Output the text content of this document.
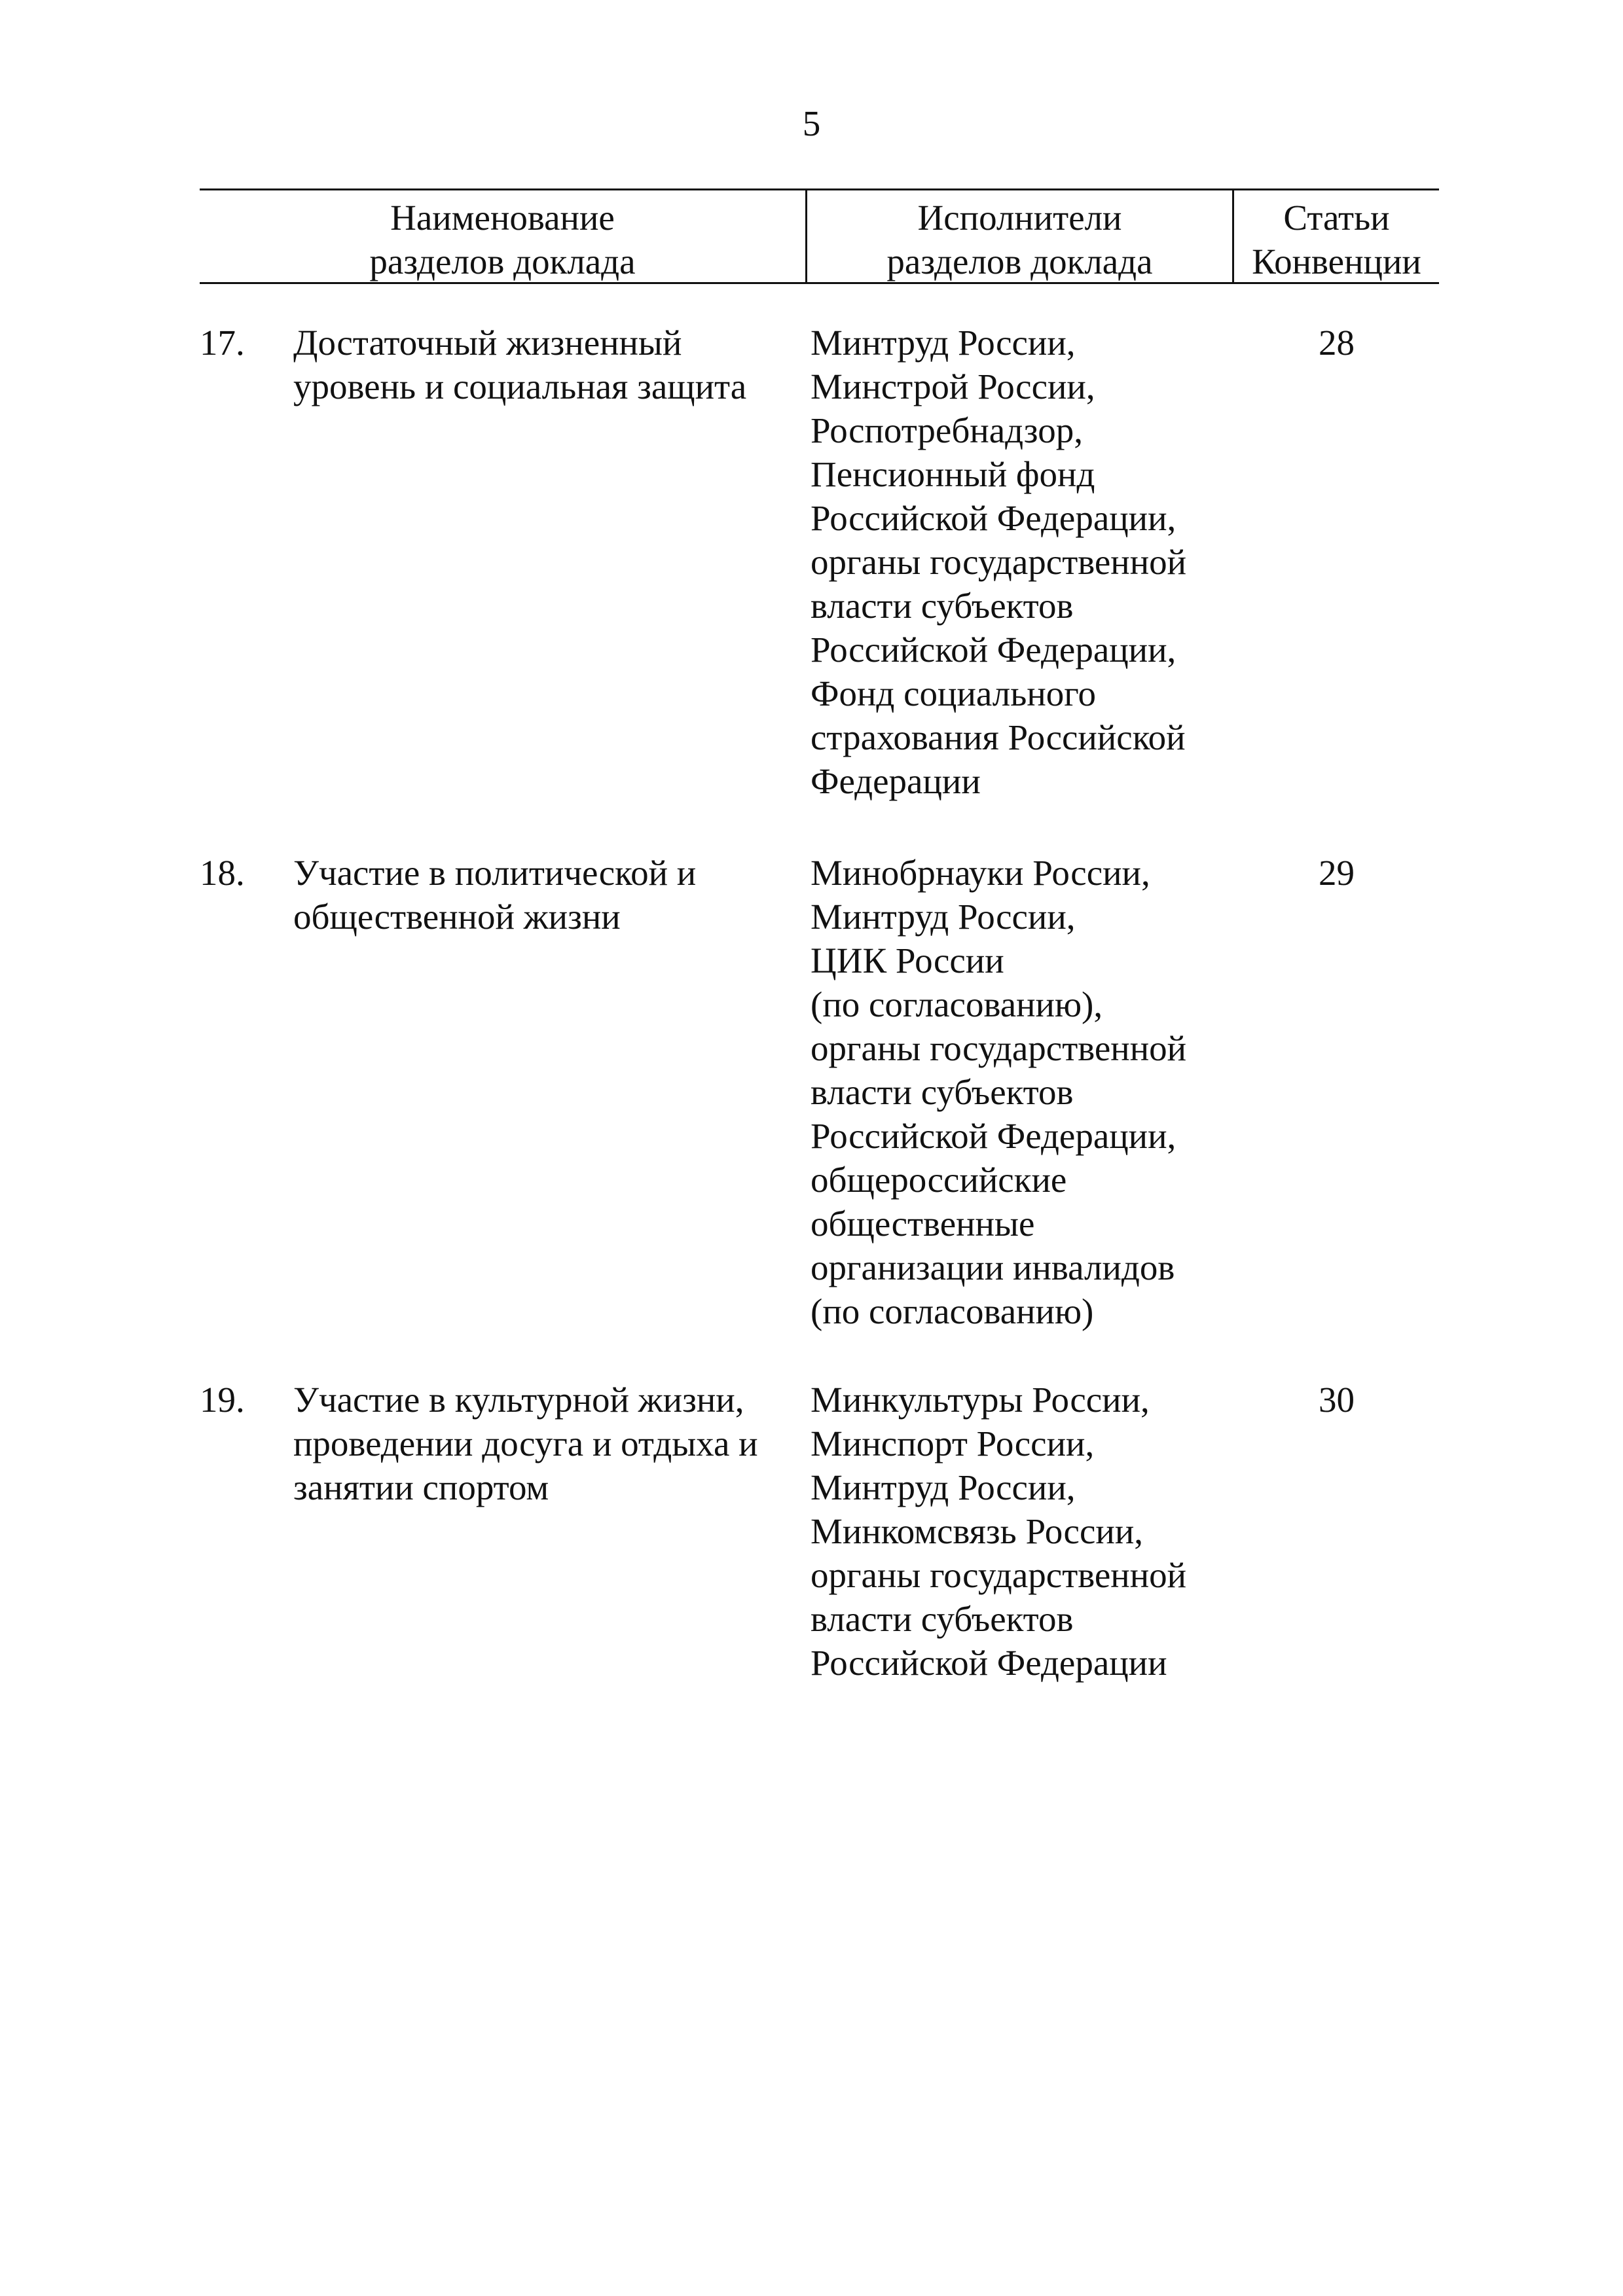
5
Наименование
разделов доклада
Исполнители
разделов доклада
Статьи
Конвенции
17. Достаточный жизненный
уровень и социальная защита
Минтруд России,
Минстрой России,
Роспотребнадзор,
Пенсионный фонд
Российской Федерации,
органы государственной
власти субъектов
Российской Федерации,
Фонд социального
страхования Российской
Федерации
28
18. Участие в политической и
общественной жизни
Минобрнауки России,
Минтруд России,
ЦИК России
(по согласованию),
органы государственной
власти субъектов
Российской Федерации,
общероссийские
общественные
организации инвалидов
(по согласованию)
29
19. Участие в культурной жизни,
проведении досуга и отдыха и
занятии спортом
Минкультуры России,
Минспорт России,
Минтруд России,
Минкомсвязь России,
органы государственной
власти субъектов
Российской Федерации
30
